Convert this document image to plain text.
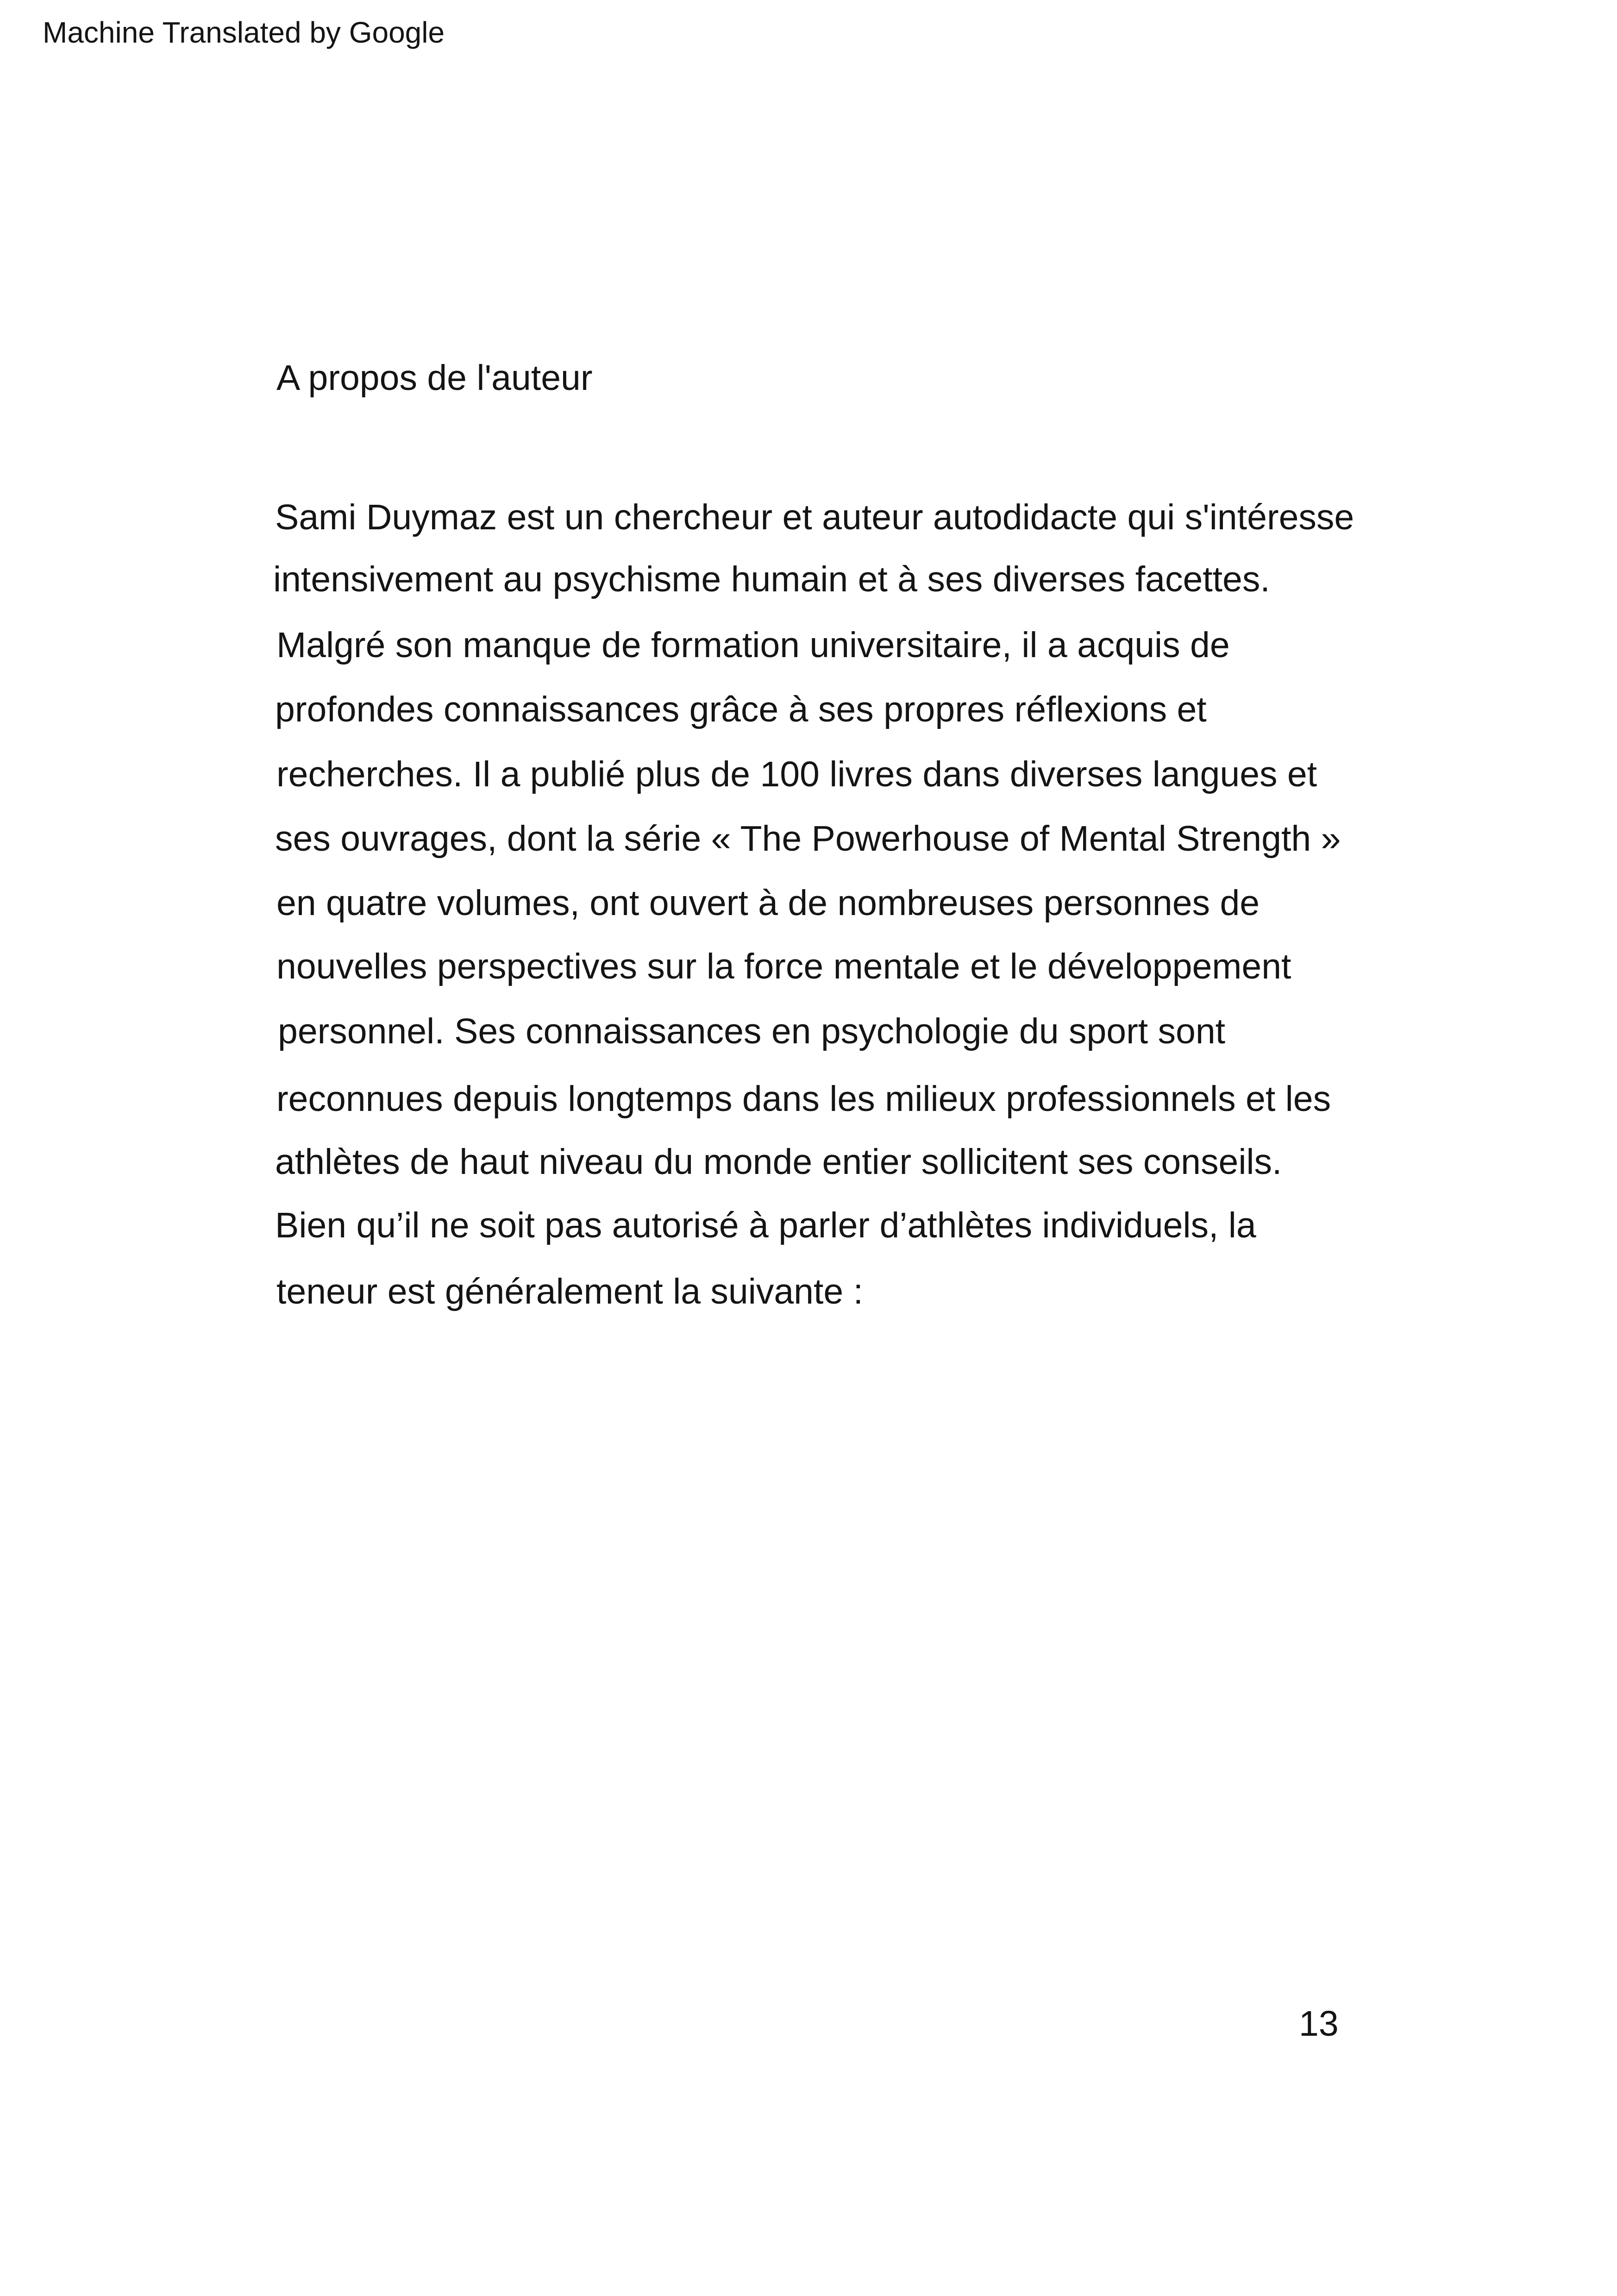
Machine Translated by Google
A propos de l'auteur
Sami Duymaz est un chercheur et auteur autodidacte qui s'intéresse
intensivement au psychisme humain et à ses diverses facettes.
Malgré son manque de formation universitaire, il a acquis de
profondes connaissances grâce à ses propres réflexions et
recherches. Il a publié plus de 100 livres dans diverses langues et
ses ouvrages, dont la série « The Powerhouse of Mental Strength »
en quatre volumes, ont ouvert à de nombreuses personnes de
nouvelles perspectives sur la force mentale et le développement
personnel. Ses connaissances en psychologie du sport sont
reconnues depuis longtemps dans les milieux professionnels et les
athlètes de haut niveau du monde entier sollicitent ses conseils.
Bien qu’il ne soit pas autorisé à parler d’athlètes individuels, la
teneur est généralement la suivante :
13
